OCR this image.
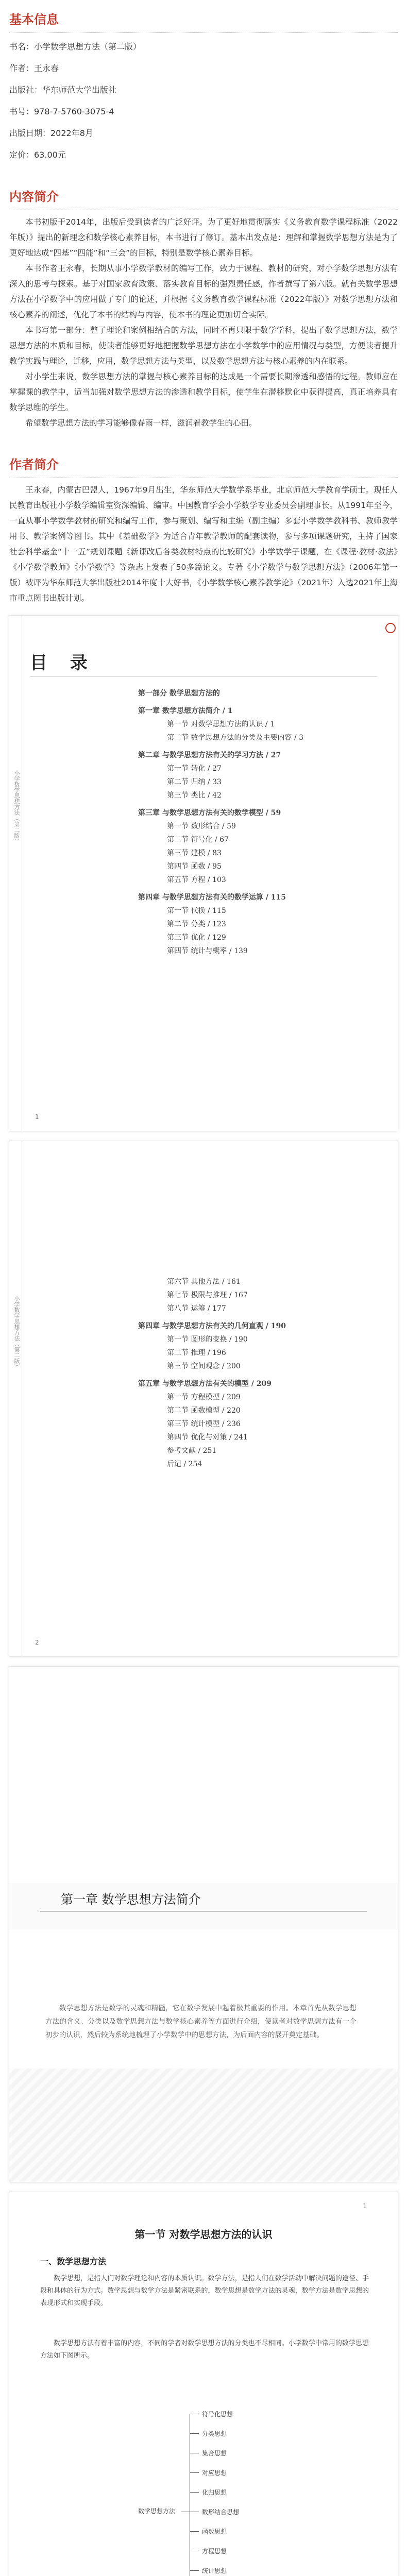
基本信息

书名：小学数学思想方法（第二版）

作者：王永春

出版社：华东师范大学出版社

书号：978-7-5760-3075-4

出版日期：2022年8月

定价：63.00元

内容简介

本书初版于2014年，出版后受到读者的广泛好评。为了更好地贯彻落实《义务教育数学课程标准（2022年版）》提出的新理念和数学核心素养目标，本书进行了修订。基本出发点是：理解和掌握数学思想方法是为了更好地达成“四基”“四能”和“三会”的目标，特别是数学核心素养目标。

本书作者王永春，长期从事小学数学教材的编写工作，致力于课程、教材的研究，对小学数学思想方法有深入的思考与探索。基于对国家教育政策、落实教育目标的强烈责任感，作者撰写了第六版。就有关数学思想方法在小学数学中的应用做了专门的论述，并根据《义务教育数学课程标准（2022年版）》对数学思想方法和核心素养的阐述，优化了本书的结构与内容，使本书的理论更加切合实际。

本书写第一部分：整了理论和案例相结合的方法，同时不再只限于数学学科，提出了数学思想方法，数学思想方法的本质和目标，使读者能够更好地把握数学思想方法在小学数学中的应用情况与类型，方便读者提升教学实践与理论，迁移，应用，数学思想方法与类型，以及数学思想方法与核心素养的内在联系。

对小学生来说，数学思想方法的掌握与核心素养目标的达成是一个需要长期渗透和感悟的过程。教师应在掌握课的教学中，适当加强对数学思想方法的渗透和教学目标，使学生在潜移默化中获得提高，真正培养具有数学思维的学生。

希望数学思想方法的学习能够像春雨一样，滋润着教学生的心田。

作者简介

王永春，内蒙古巴盟人，1967年9月出生，华东师范大学数学系毕业，北京师范大学教育学硕士。现任人民教育出版社小学数学编辑室资深编辑、编审。中国教育学会小学数学专业委员会副理事长。从1991年至今，一直从事小学数学教材的研究和编写工作，参与策划、编写和主编（副主编）多套小学数学教科书、教师教学用书、教学案例等图书。其中《基础数学》为适合青年教学教师的配套读物，参与多项课题研究，主持了国家社会科学基金“十一五”规划课题《新课改后各类教材特点的比较研究》小学数学子课题，在《课程·教材·教法》《小学数学教师》《小学数学》等杂志上发表了50多篇论文。专著《小学数学与数学思想方法》（2006年第一版）被评为华东师范大学出版社2014年度十大好书，《小学数学核心素养教学论》（2021年）入选2021年上海市重点图书出版计划。

目 录
小学数学思想方法（第二版）
第一部分 数学思想方法的
第一章 数学思想方法简介 / 1
第一节 对数学思想方法的认识 / 1
第二节 数学思想方法的分类及主要内容 / 3
第二章 与数学思想方法有关的学习方法 / 27
第一节 转化 / 27
第二节 归纳 / 33
第三节 类比 / 42
第三章 与数学思想方法有关的数学模型 / 59
第一节 数形结合 / 59
第二节 符号化 / 67
第三节 建模 / 83
第四节 函数 / 95
第五节 方程 / 103
第四章 与数学思想方法有关的数学运算 / 115
第一节 代换 / 115
第二节 分类 / 123
第三节 优化 / 129
第四节 统计与概率 / 139
1
小学数学思想方法（第二版）
第六节 其他方法 / 161
第七节 极限与推理 / 167
第八节 运筹 / 177
第四章 与数学思想方法有关的几何直观 / 190
第一节 图形的变换 / 190
第二节 推理 / 196
第三节 空间观念 / 200
第五章 与数学思想方法有关的模型 / 209
第一节 方程模型 / 209
第二节 函数模型 / 220
第三节 统计模型 / 236
第四节 优化与对策 / 241
参考文献 / 251
后记 / 254
2
第一章 数学思想方法简介
数学思想方法是数学的灵魂和精髓，它在数学发展中起着极其重要的作用。本章首先从数学思想方法的含义、分类以及数学思想方法与数学核心素养等方面进行介绍，使读者对数学思想方法有一个初步的认识，然后较为系统地梳理了小学数学中的思想方法，为后面内容的展开奠定基础。
1
第一节 对数学思想方法的认识
一、数学思想方法
数学思想，是指人们对数学理论和内容的本质认识。数学方法，是指人们在数学活动中解决问题的途径、手段和具体的行为方式。数学思想与数学方法是紧密联系的，数学思想是数学方法的灵魂，数学方法是数学思想的表现形式和实现手段。
数学思想方法有着丰富的内容，不同的学者对数学思想方法的分类也不尽相同。小学数学中常用的数学思想方法如下图所示。
数学思想方法
符号化思想
分类思想
集合思想
对应思想
化归思想
数形结合思想
函数思想
方程思想
统计思想
